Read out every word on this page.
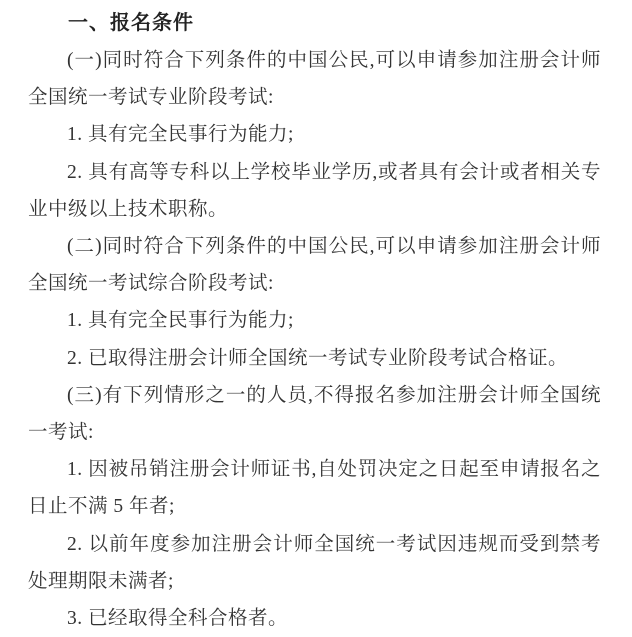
一、报名条件

(一)同时符合下列条件的中国公民,可以申请参加注册会计师全国统一考试专业阶段考试:

1. 具有完全民事行为能力;

2. 具有高等专科以上学校毕业学历,或者具有会计或者相关专业中级以上技术职称。

(二)同时符合下列条件的中国公民,可以申请参加注册会计师全国统一考试综合阶段考试:

1. 具有完全民事行为能力;

2. 已取得注册会计师全国统一考试专业阶段考试合格证。

(三)有下列情形之一的人员,不得报名参加注册会计师全国统一考试:

1. 因被吊销注册会计师证书,自处罚决定之日起至申请报名之日止不满 5 年者;

2. 以前年度参加注册会计师全国统一考试因违规而受到禁考处理期限未满者;

3. 已经取得全科合格者。
